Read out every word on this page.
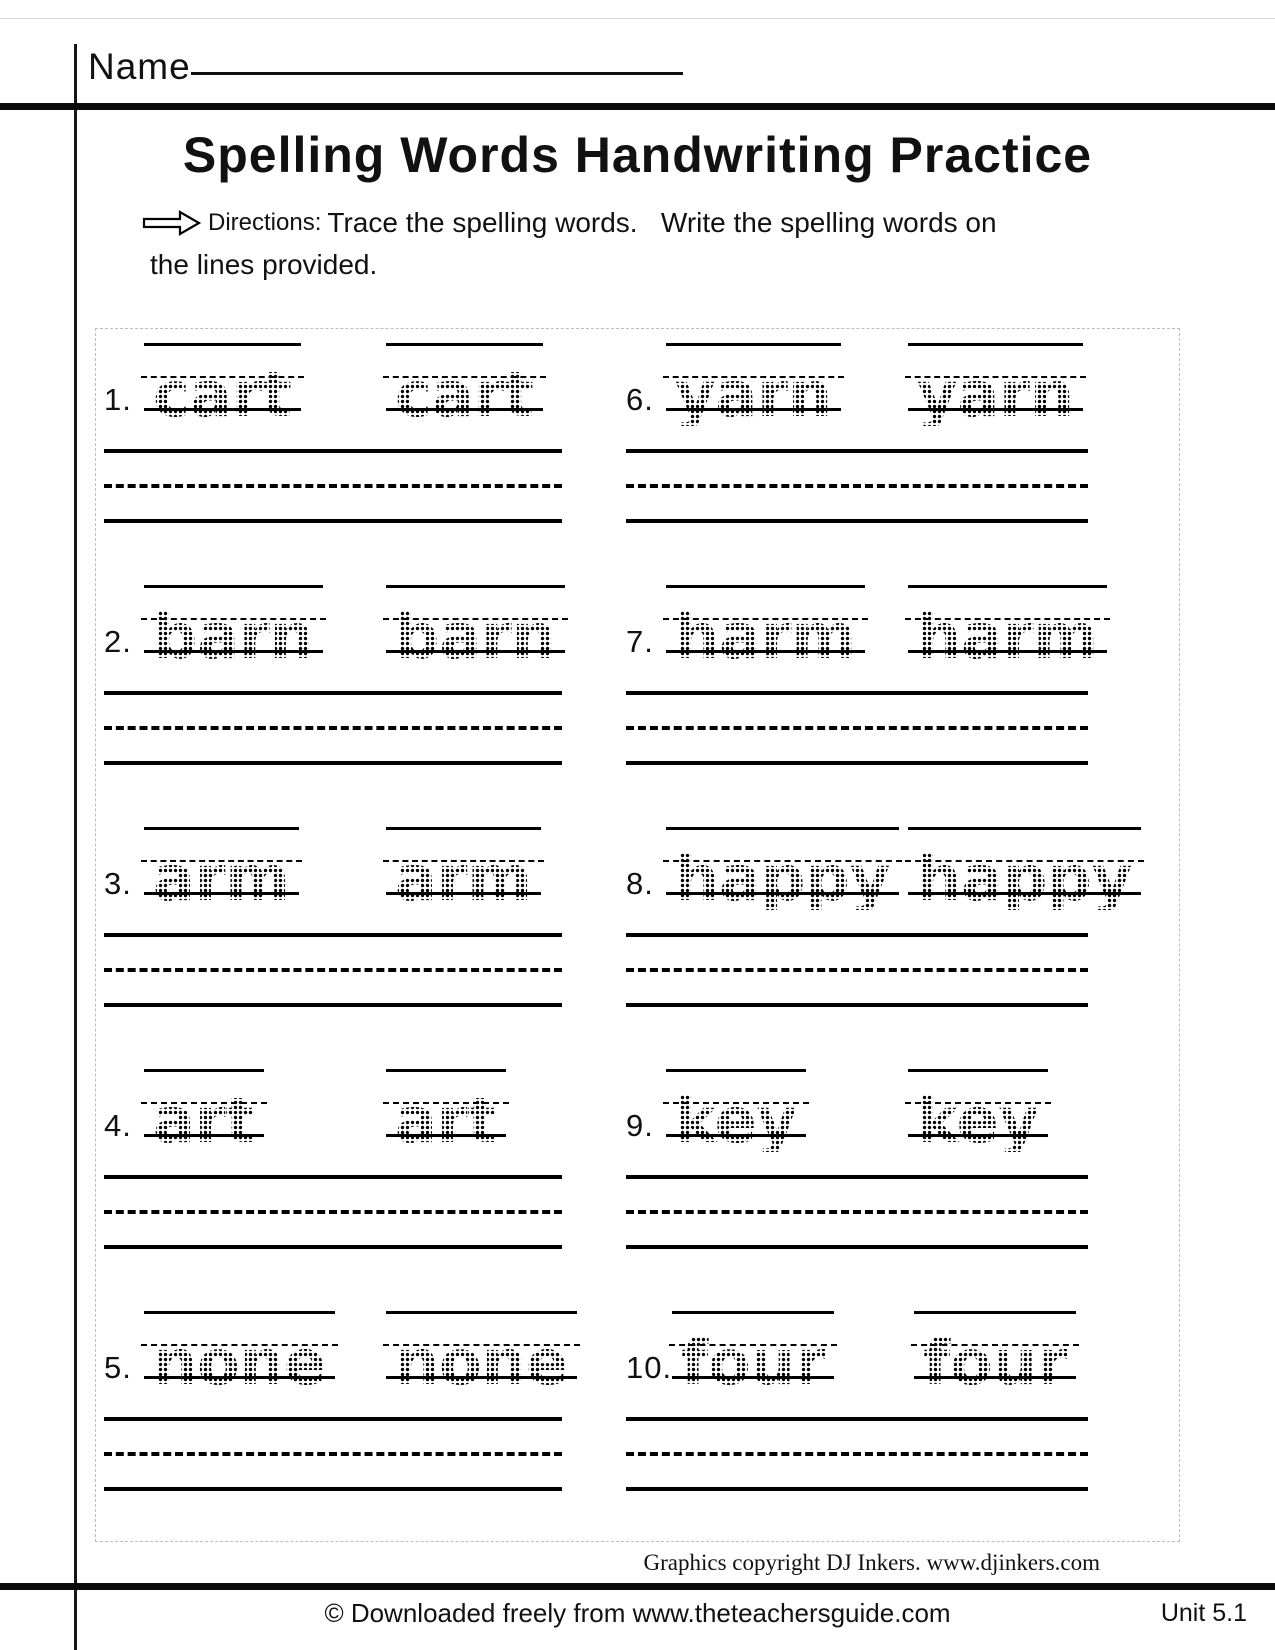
Name
Spelling Words Handwriting Practice
Directions: Trace the spelling words.   Write the spelling words on
the lines provided.
1. cart cart
2. barn barn
3. arm arm
4. art art
5. none none
6. yarn yarn
7. harm harm
8. happy happy
9. key key
10. four four
Graphics copyright DJ Inkers. www.djinkers.com
© Downloaded freely from www.theteachersguide.com	Unit 5.1
